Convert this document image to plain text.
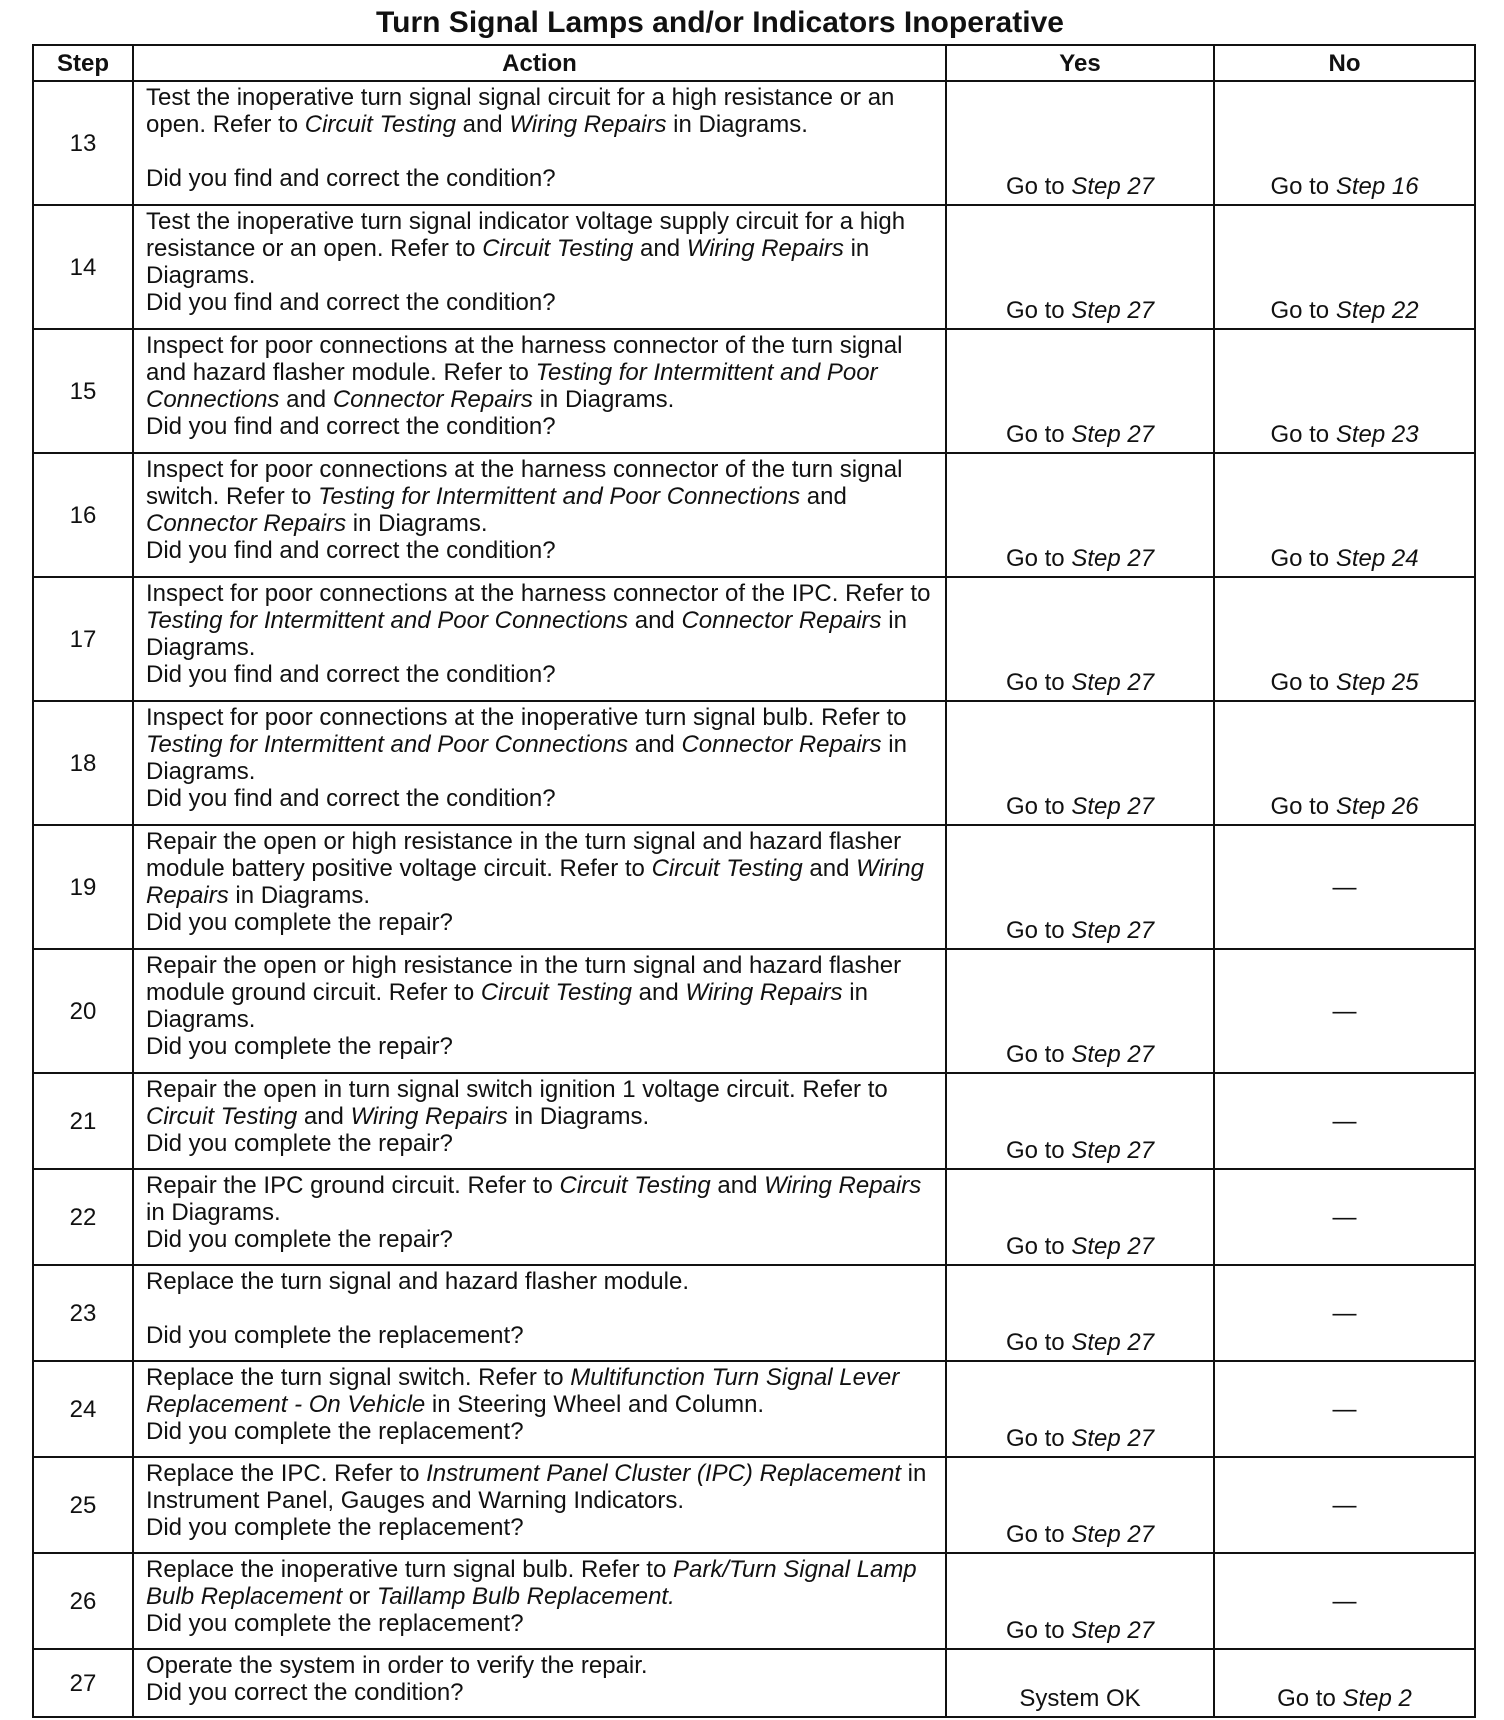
Turn Signal Lamps and/or Indicators Inoperative
Step	Action	Yes	No
13	Test the inoperative turn signal signal circuit for a high resistance or an open. Refer to Circuit Testing and Wiring Repairs in Diagrams.
Did you find and correct the condition?	Go to Step 27	Go to Step 16
14	Test the inoperative turn signal indicator voltage supply circuit for a high resistance or an open. Refer to Circuit Testing and Wiring Repairs in Diagrams.
Did you find and correct the condition?	Go to Step 27	Go to Step 22
15	Inspect for poor connections at the harness connector of the turn signal and hazard flasher module. Refer to Testing for Intermittent and Poor Connections and Connector Repairs in Diagrams.
Did you find and correct the condition?	Go to Step 27	Go to Step 23
16	Inspect for poor connections at the harness connector of the turn signal switch. Refer to Testing for Intermittent and Poor Connections and Connector Repairs in Diagrams.
Did you find and correct the condition?	Go to Step 27	Go to Step 24
17	Inspect for poor connections at the harness connector of the IPC. Refer to Testing for Intermittent and Poor Connections and Connector Repairs in Diagrams.
Did you find and correct the condition?	Go to Step 27	Go to Step 25
18	Inspect for poor connections at the inoperative turn signal bulb. Refer to Testing for Intermittent and Poor Connections and Connector Repairs in Diagrams.
Did you find and correct the condition?	Go to Step 27	Go to Step 26
19	Repair the open or high resistance in the turn signal and hazard flasher module battery positive voltage circuit. Refer to Circuit Testing and Wiring Repairs in Diagrams.
Did you complete the repair?	Go to Step 27	—
20	Repair the open or high resistance in the turn signal and hazard flasher module ground circuit. Refer to Circuit Testing and Wiring Repairs in Diagrams.
Did you complete the repair?	Go to Step 27	—
21	Repair the open in turn signal switch ignition 1 voltage circuit. Refer to Circuit Testing and Wiring Repairs in Diagrams.
Did you complete the repair?	Go to Step 27	—
22	Repair the IPC ground circuit. Refer to Circuit Testing and Wiring Repairs in Diagrams.
Did you complete the repair?	Go to Step 27	—
23	Replace the turn signal and hazard flasher module.
Did you complete the replacement?	Go to Step 27	—
24	Replace the turn signal switch. Refer to Multifunction Turn Signal Lever Replacement - On Vehicle in Steering Wheel and Column.
Did you complete the replacement?	Go to Step 27	—
25	Replace the IPC. Refer to Instrument Panel Cluster (IPC) Replacement in Instrument Panel, Gauges and Warning Indicators.
Did you complete the replacement?	Go to Step 27	—
26	Replace the inoperative turn signal bulb. Refer to Park/Turn Signal Lamp Bulb Replacement or Taillamp Bulb Replacement.
Did you complete the replacement?	Go to Step 27	—
27	Operate the system in order to verify the repair.
Did you correct the condition?	System OK	Go to Step 2
